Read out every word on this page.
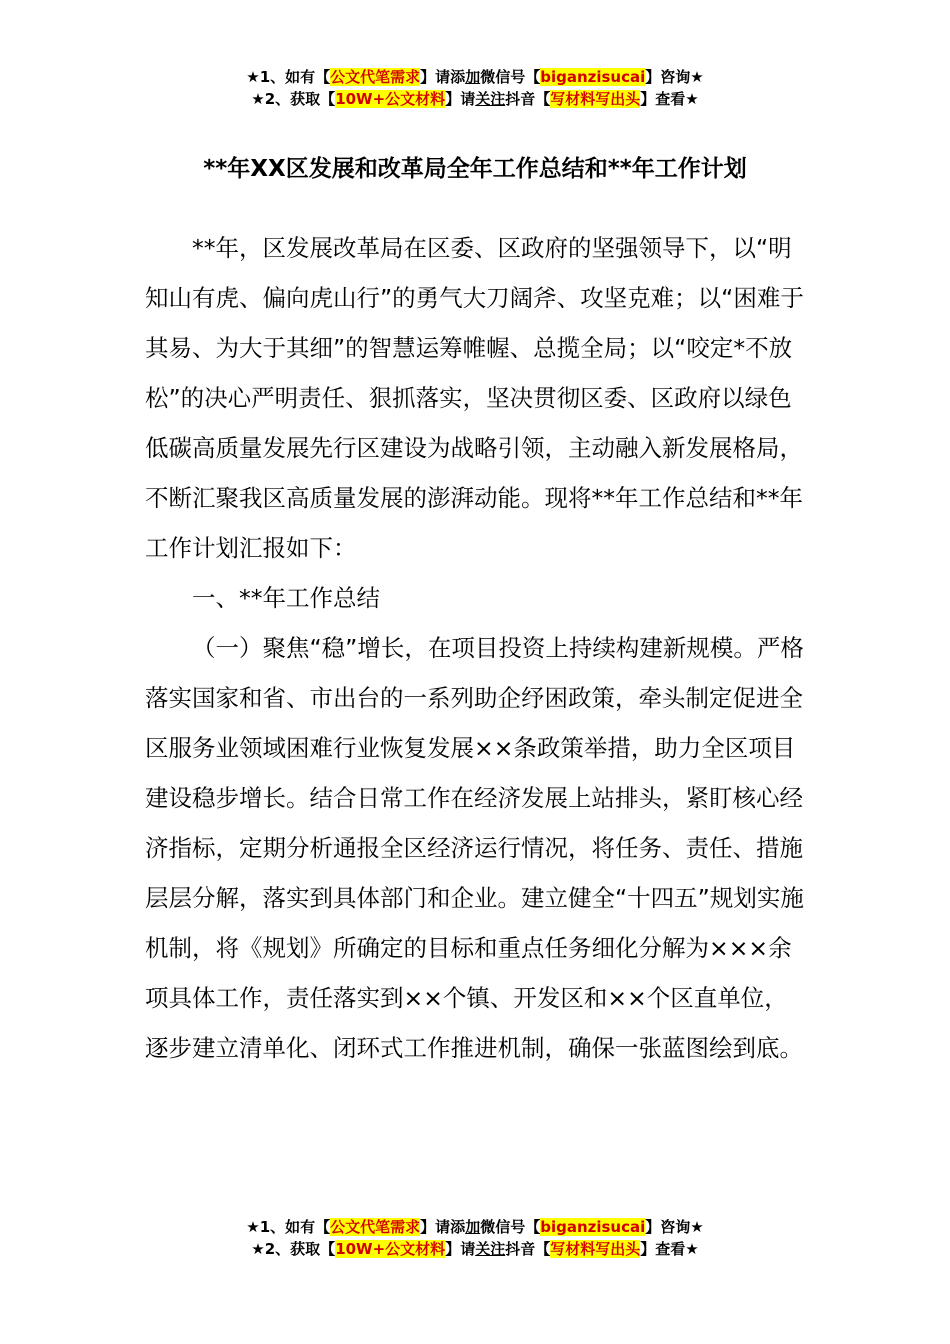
★1、如有【公文代笔需求】请添加微信号【biganzisucai】咨询★
★2、获取【10W+公文材料】请关注抖音【写材料写出头】查看★
**年XX区发展和改革局全年工作总结和**年工作计划

**年，区发展改革局在区委、区政府的坚强领导下，以“明知山有虎、偏向虎山行”的勇气大刀阔斧、攻坚克难；以“困难于其易、为大于其细”的智慧运筹帷幄、总揽全局；以“咬定*不放松”的决心严明责任、狠抓落实，坚决贯彻区委、区政府以绿色低碳高质量发展先行区建设为战略引领，主动融入新发展格局，不断汇聚我区高质量发展的澎湃动能。现将**年工作总结和**年工作计划汇报如下：

一、**年工作总结

（一）聚焦“稳”增长，在项目投资上持续构建新规模。严格落实国家和省、市出台的一系列助企纾困政策，牵头制定促进全区服务业领域困难行业恢复发展××条政策举措，助力全区项目建设稳步增长。结合日常工作在经济发展上站排头，紧盯核心经济指标，定期分析通报全区经济运行情况，将任务、责任、措施层层分解，落实到具体部门和企业。建立健全“十四五”规划实施机制，将《规划》所确定的目标和重点任务细化分解为×××余项具体工作，责任落实到××个镇、开发区和××个区直单位，逐步建立清单化、闭环式工作推进机制，确保一张蓝图绘到底。

★1、如有【公文代笔需求】请添加微信号【biganzisucai】咨询★
★2、获取【10W+公文材料】请关注抖音【写材料写出头】查看★
